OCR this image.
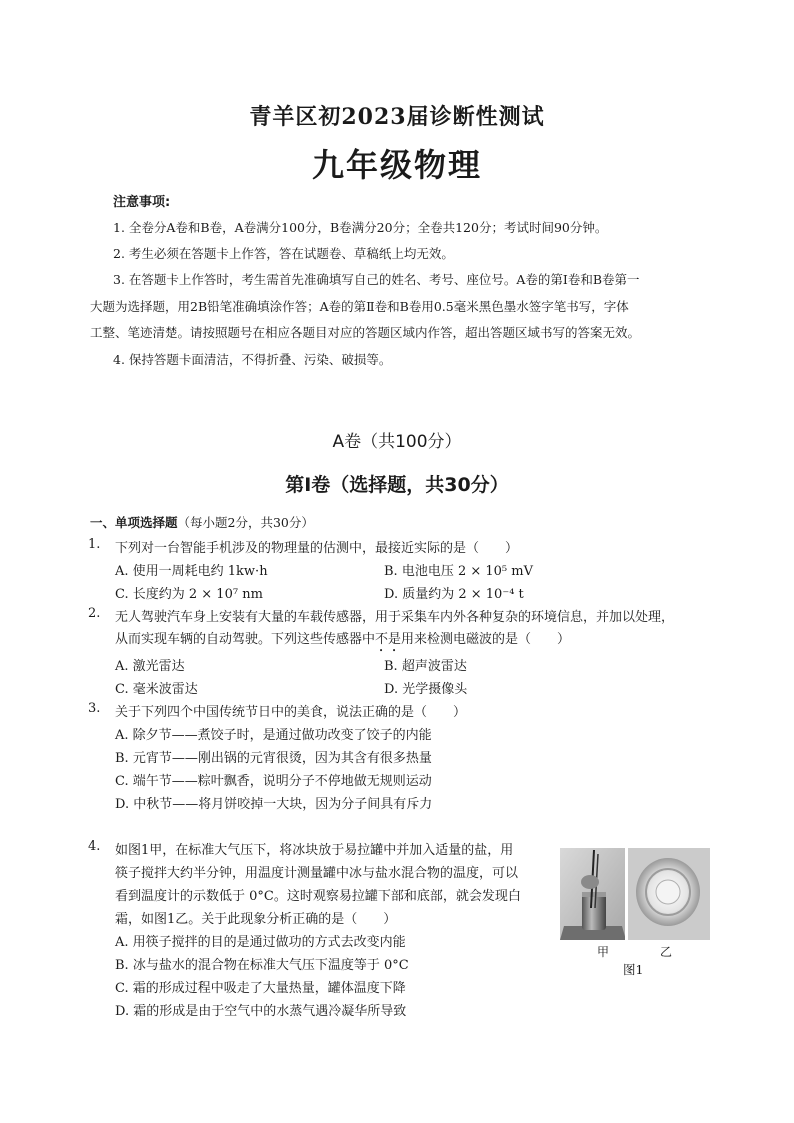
青羊区初2023届诊断性测试
九年级物理
注意事项:
1. 全卷分A卷和B卷，A卷满分100分，B卷满分20分；全卷共120分；考试时间90分钟。
2. 考生必须在答题卡上作答，答在试题卷、草稿纸上均无效。
3. 在答题卡上作答时，考生需首先准确填写自己的姓名、考号、座位号。A卷的第Ⅰ卷和B卷第一
大题为选择题，用2B铅笔准确填涂作答；A卷的第Ⅱ卷和B卷用0.5毫米黑色墨水签字笔书写，字体
工整、笔迹清楚。请按照题号在相应各题目对应的答题区域内作答，超出答题区域书写的答案无效。
4. 保持答题卡面清洁，不得折叠、污染、破损等。
A卷（共100分）
第Ⅰ卷（选择题，共30分）
一、单项选择题（每小题2分，共30分）
1. 下列对一台智能手机涉及的物理量的估测中，最接近实际的是（　　）
A. 使用一周耗电约 1kw·h	B. 电池电压 2 × 10⁵ mV
C. 长度约为 2 × 10⁷ nm	D. 质量约为 2 × 10⁻⁴ t
2. 无人驾驶汽车身上安装有大量的车载传感器，用于采集车内外各种复杂的环境信息，并加以处理，
从而实现车辆的自动驾驶。下列这些传感器中不是用来检测电磁波的是（　　）
A. 激光雷达	B. 超声波雷达
C. 毫米波雷达	D. 光学摄像头
3. 关于下列四个中国传统节日中的美食，说法正确的是（　　）
A. 除夕节——煮饺子时，是通过做功改变了饺子的内能
B. 元宵节——刚出锅的元宵很烫，因为其含有很多热量
C. 端午节——粽叶飘香，说明分子不停地做无规则运动
D. 中秋节——将月饼咬掉一大块，因为分子间具有斥力
4. 如图1甲，在标准大气压下，将冰块放于易拉罐中并加入适量的盐，用
筷子搅拌大约半分钟，用温度计测量罐中冰与盐水混合物的温度，可以
看到温度计的示数低于 0°C。这时观察易拉罐下部和底部，就会发现白
霜，如图1乙。关于此现象分析正确的是（　　）
A. 用筷子搅拌的目的是通过做功的方式去改变内能
B. 冰与盐水的混合物在标准大气压下温度等于 0°C
C. 霜的形成过程中吸走了大量热量，罐体温度下降
D. 霜的形成是由于空气中的水蒸气遇冷凝华所导致
甲	乙
图1
